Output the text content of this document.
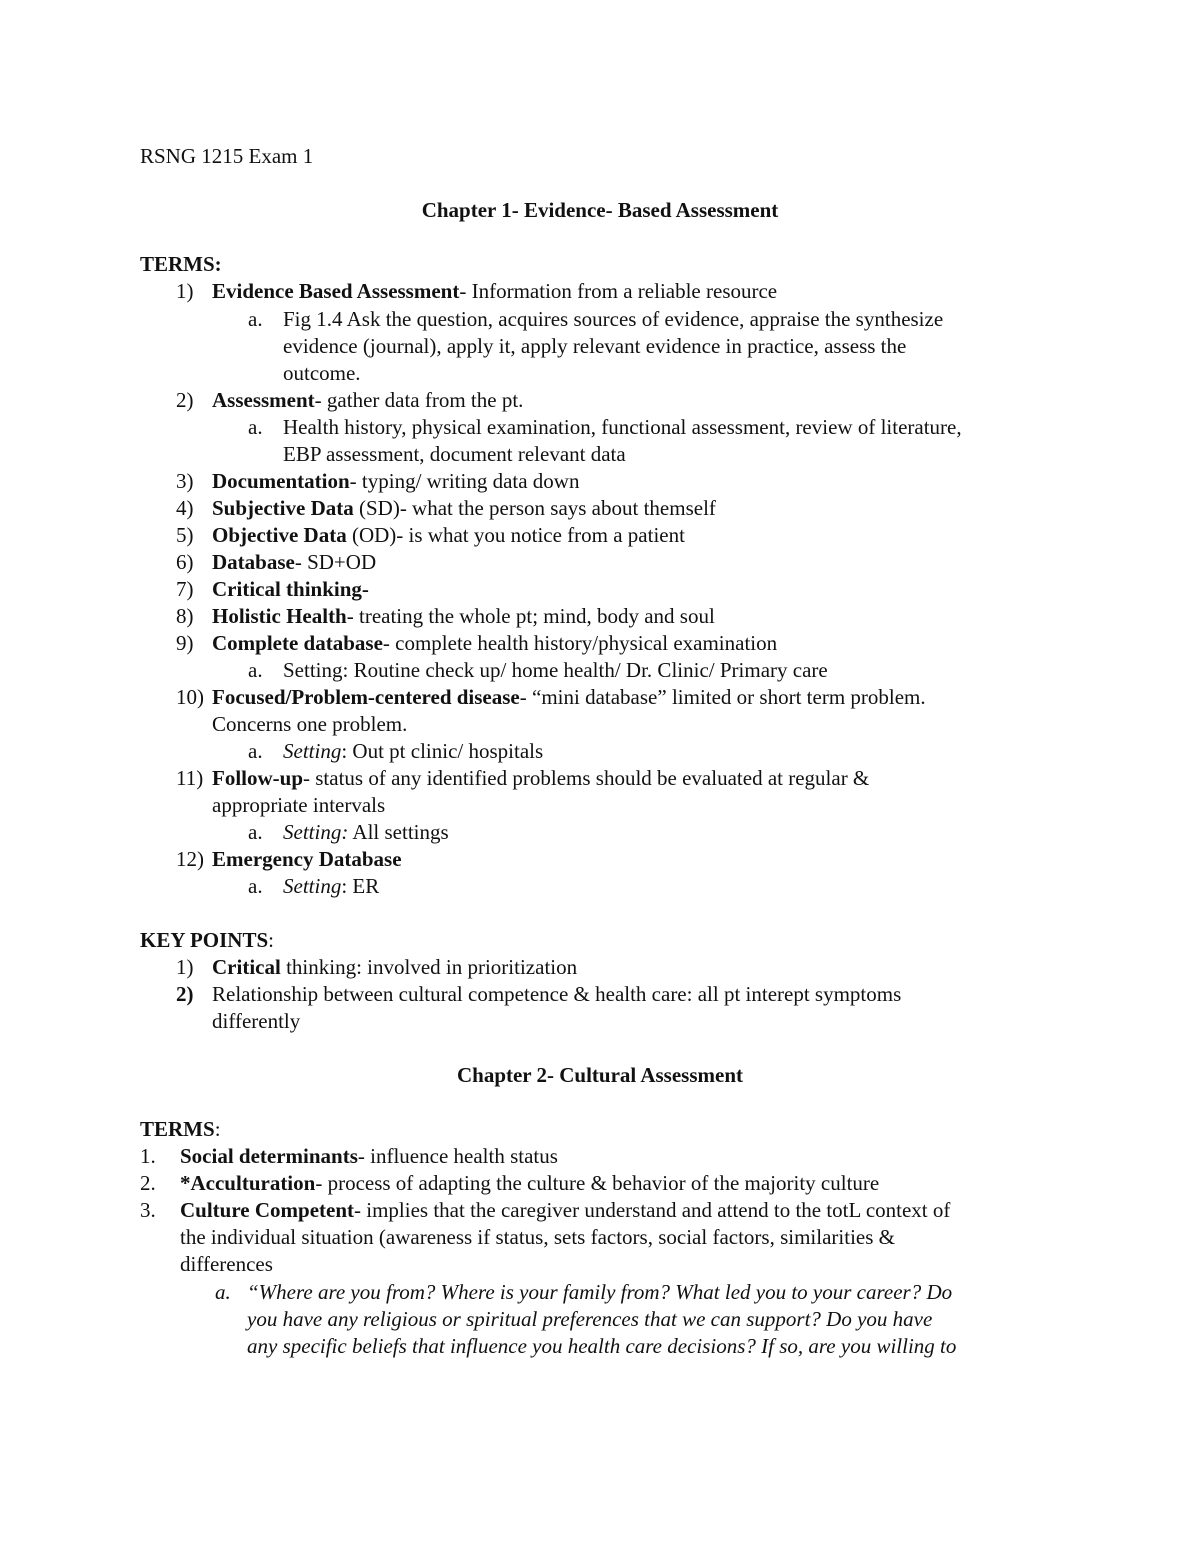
RSNG 1215 Exam 1
Chapter 1- Evidence- Based Assessment
TERMS:
1) Evidence Based Assessment- Information from a reliable resource
a. Fig 1.4 Ask the question, acquires sources of evidence, appraise the synthesize
evidence (journal), apply it, apply relevant evidence in practice, assess the
outcome.
2) Assessment- gather data from the pt.
a. Health history, physical examination, functional assessment, review of literature,
EBP assessment, document relevant data
3) Documentation- typing/ writing data down
4) Subjective Data (SD)- what the person says about themself
5) Objective Data (OD)- is what you notice from a patient
6) Database- SD+OD
7) Critical thinking-
8) Holistic Health- treating the whole pt; mind, body and soul
9) Complete database- complete health history/physical examination
a. Setting: Routine check up/ home health/ Dr. Clinic/ Primary care
10) Focused/Problem-centered disease- “mini database” limited or short term problem.
Concerns one problem.
a. Setting: Out pt clinic/ hospitals
11) Follow-up- status of any identified problems should be evaluated at regular &
appropriate intervals
a. Setting: All settings
12) Emergency Database
a. Setting: ER
KEY POINTS:
1) Critical thinking: involved in prioritization
2) Relationship between cultural competence & health care: all pt interept symptoms
differently
Chapter 2- Cultural Assessment
TERMS:
1. Social determinants- influence health status
2. *Acculturation- process of adapting the culture & behavior of the majority culture
3. Culture Competent- implies that the caregiver understand and attend to the totL context of
the individual situation (awareness if status, sets factors, social factors, similarities &
differences
a. “Where are you from? Where is your family from? What led you to your career? Do
you have any religious or spiritual preferences that we can support? Do you have
any specific beliefs that influence you health care decisions? If so, are you willing to
